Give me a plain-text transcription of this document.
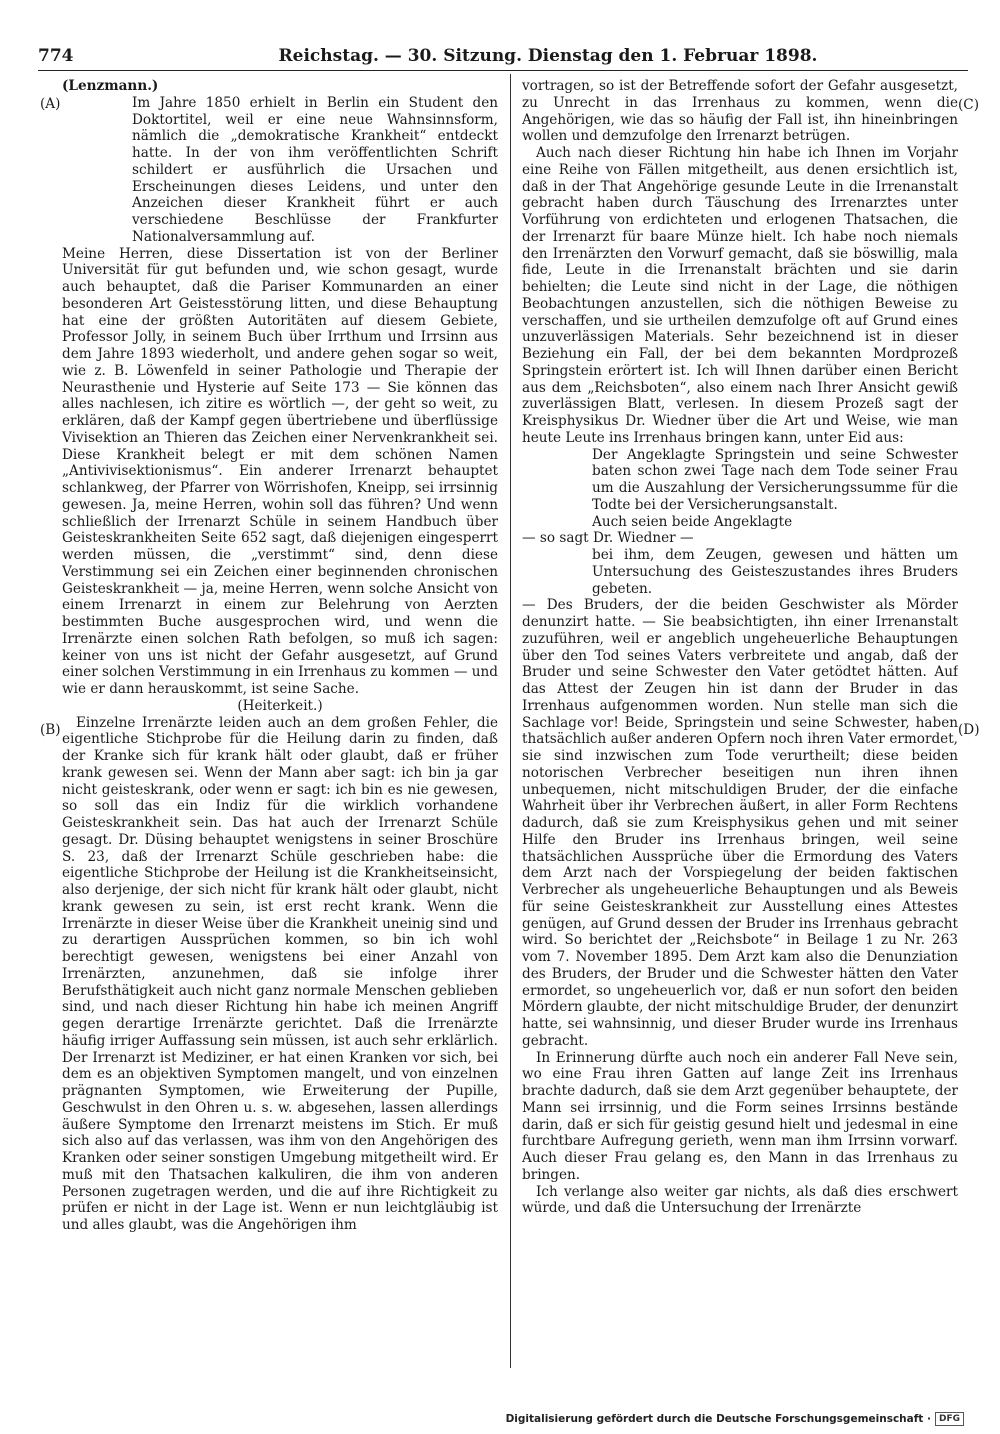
774	Reichstag. — 30. Sitzung. Dienstag den 1. Februar 1898.
(A)
(B)
(C)
(D)

(Lenzmann.)

Im Jahre 1850 erhielt in Berlin ein Student den Doktortitel, weil er eine neue Wahnsinnsform, nämlich die „demokratische Krankheit“ entdeckt hatte. In der von ihm veröffentlichten Schrift schildert er ausführlich die Ursachen und Erscheinungen dieses Leidens, und unter den Anzeichen dieser Krankheit führt er auch verschiedene Beschlüsse der Frankfurter Nationalversammlung auf.

Meine Herren, diese Dissertation ist von der Berliner Universität für gut befunden und, wie schon gesagt, wurde auch behauptet, daß die Pariser Kommunarden an einer besonderen Art Geistesstörung litten, und diese Behauptung hat eine der größten Autoritäten auf diesem Gebiete, Professor Jolly, in seinem Buch über Irrthum und Irrsinn aus dem Jahre 1893 wiederholt, und andere gehen sogar so weit, wie z. B. Löwenfeld in seiner Pathologie und Therapie der Neurasthenie und Hysterie auf Seite 173 — Sie können das alles nachlesen, ich zitire es wörtlich —, der geht so weit, zu erklären, daß der Kampf gegen übertriebene und überflüssige Vivisektion an Thieren das Zeichen einer Nervenkrankheit sei. Diese Krankheit belegt er mit dem schönen Namen „Antivivisektionismus“. Ein anderer Irrenarzt behauptet schlankweg, der Pfarrer von Wörrishofen, Kneipp, sei irrsinnig gewesen. Ja, meine Herren, wohin soll das führen? Und wenn schließlich der Irrenarzt Schüle in seinem Handbuch über Geisteskrankheiten Seite 652 sagt, daß diejenigen eingesperrt werden müssen, die „verstimmt“ sind, denn diese Verstimmung sei ein Zeichen einer beginnenden chronischen Geisteskrankheit — ja, meine Herren, wenn solche Ansicht von einem Irrenarzt in einem zur Belehrung von Aerzten bestimmten Buche ausgesprochen wird, und wenn die Irrenärzte einen solchen Rath befolgen, so muß ich sagen: keiner von uns ist nicht der Gefahr ausgesetzt, auf Grund einer solchen Verstimmung in ein Irrenhaus zu kommen — und wie er dann herauskommt, ist seine Sache.

(Heiterkeit.)

Einzelne Irrenärzte leiden auch an dem großen Fehler, die eigentliche Stichprobe für die Heilung darin zu finden, daß der Kranke sich für krank hält oder glaubt, daß er früher krank gewesen sei. Wenn der Mann aber sagt: ich bin ja gar nicht geisteskrank, oder wenn er sagt: ich bin es nie gewesen, so soll das ein Indiz für die wirklich vorhandene Geisteskrankheit sein. Das hat auch der Irrenarzt Schüle gesagt. Dr. Düsing behauptet wenigstens in seiner Broschüre S. 23, daß der Irrenarzt Schüle geschrieben habe: die eigentliche Stichprobe der Heilung ist die Krankheitseinsicht, also derjenige, der sich nicht für krank hält oder glaubt, nicht krank gewesen zu sein, ist erst recht krank. Wenn die Irrenärzte in dieser Weise über die Krankheit uneinig sind und zu derartigen Aussprüchen kommen, so bin ich wohl berechtigt gewesen, wenigstens bei einer Anzahl von Irrenärzten, anzunehmen, daß sie infolge ihrer Berufsthätigkeit auch nicht ganz normale Menschen geblieben sind, und nach dieser Richtung hin habe ich meinen Angriff gegen derartige Irrenärzte gerichtet. Daß die Irrenärzte häufig irriger Auffassung sein müssen, ist auch sehr erklärlich. Der Irrenarzt ist Mediziner, er hat einen Kranken vor sich, bei dem es an objektiven Symptomen mangelt, und von einzelnen prägnanten Symptomen, wie Erweiterung der Pupille, Geschwulst in den Ohren u. s. w. abgesehen, lassen allerdings äußere Symptome den Irrenarzt meistens im Stich. Er muß sich also auf das verlassen, was ihm von den Angehörigen des Kranken oder seiner sonstigen Umgebung mitgetheilt wird. Er muß mit den Thatsachen kalkuliren, die ihm von anderen Personen zugetragen werden, und die auf ihre Richtigkeit zu prüfen er nicht in der Lage ist. Wenn er nun leichtgläubig ist und alles glaubt, was die Angehörigen ihm

vortragen, so ist der Betreffende sofort der Gefahr ausgesetzt, zu Unrecht in das Irrenhaus zu kommen, wenn die Angehörigen, wie das so häufig der Fall ist, ihn hineinbringen wollen und demzufolge den Irrenarzt betrügen.

Auch nach dieser Richtung hin habe ich Ihnen im Vorjahr eine Reihe von Fällen mitgetheilt, aus denen ersichtlich ist, daß in der That Angehörige gesunde Leute in die Irrenanstalt gebracht haben durch Täuschung des Irrenarztes unter Vorführung von erdichteten und erlogenen Thatsachen, die der Irrenarzt für baare Münze hielt. Ich habe noch niemals den Irrenärzten den Vorwurf gemacht, daß sie böswillig, mala fide, Leute in die Irrenanstalt brächten und sie darin behielten; die Leute sind nicht in der Lage, die nöthigen Beobachtungen anzustellen, sich die nöthigen Beweise zu verschaffen, und sie urtheilen demzufolge oft auf Grund eines unzuverlässigen Materials. Sehr bezeichnend ist in dieser Beziehung ein Fall, der bei dem bekannten Mordprozeß Springstein erörtert ist. Ich will Ihnen darüber einen Bericht aus dem „Reichsboten“, also einem nach Ihrer Ansicht gewiß zuverlässigen Blatt, verlesen. In diesem Prozeß sagt der Kreisphysikus Dr. Wiedner über die Art und Weise, wie man heute Leute ins Irrenhaus bringen kann, unter Eid aus:

Der Angeklagte Springstein und seine Schwester baten schon zwei Tage nach dem Tode seiner Frau um die Auszahlung der Versicherungssumme für die Todte bei der Versicherungsanstalt.

Auch seien beide Angeklagte

— so sagt Dr. Wiedner —

bei ihm, dem Zeugen, gewesen und hätten um Untersuchung des Geisteszustandes ihres Bruders gebeten.

— Des Bruders, der die beiden Geschwister als Mörder denunzirt hatte. — Sie beabsichtigten, ihn einer Irrenanstalt zuzuführen, weil er angeblich ungeheuerliche Behauptungen über den Tod seines Vaters verbreitete und angab, daß der Bruder und seine Schwester den Vater getödtet hätten. Auf das Attest der Zeugen hin ist dann der Bruder in das Irrenhaus aufgenommen worden. Nun stelle man sich die Sachlage vor! Beide, Springstein und seine Schwester, haben thatsächlich außer anderen Opfern noch ihren Vater ermordet, sie sind inzwischen zum Tode verurtheilt; diese beiden notorischen Verbrecher beseitigen nun ihren ihnen unbequemen, nicht mitschuldigen Bruder, der die einfache Wahrheit über ihr Verbrechen äußert, in aller Form Rechtens dadurch, daß sie zum Kreisphysikus gehen und mit seiner Hilfe den Bruder ins Irrenhaus bringen, weil seine thatsächlichen Aussprüche über die Ermordung des Vaters dem Arzt nach der Vorspiegelung der beiden faktischen Verbrecher als ungeheuerliche Behauptungen und als Beweis für seine Geisteskrankheit zur Ausstellung eines Attestes genügen, auf Grund dessen der Bruder ins Irrenhaus gebracht wird. So berichtet der „Reichsbote“ in Beilage 1 zu Nr. 263 vom 7. November 1895. Dem Arzt kam also die Denunziation des Bruders, der Bruder und die Schwester hätten den Vater ermordet, so ungeheuerlich vor, daß er nun sofort den beiden Mördern glaubte, der nicht mitschuldige Bruder, der denunzirt hatte, sei wahnsinnig, und dieser Bruder wurde ins Irrenhaus gebracht.

In Erinnerung dürfte auch noch ein anderer Fall Neve sein, wo eine Frau ihren Gatten auf lange Zeit ins Irrenhaus brachte dadurch, daß sie dem Arzt gegenüber behauptete, der Mann sei irrsinnig, und die Form seines Irrsinns bestände darin, daß er sich für geistig gesund hielt und jedesmal in eine furchtbare Aufregung gerieth, wenn man ihm Irrsinn vorwarf. Auch dieser Frau gelang es, den Mann in das Irrenhaus zu bringen.

Ich verlange also weiter gar nichts, als daß dies erschwert würde, und daß die Untersuchung der Irrenärzte

Digitalisierung gefördert durch die Deutsche Forschungsgemeinschaft · DFG
